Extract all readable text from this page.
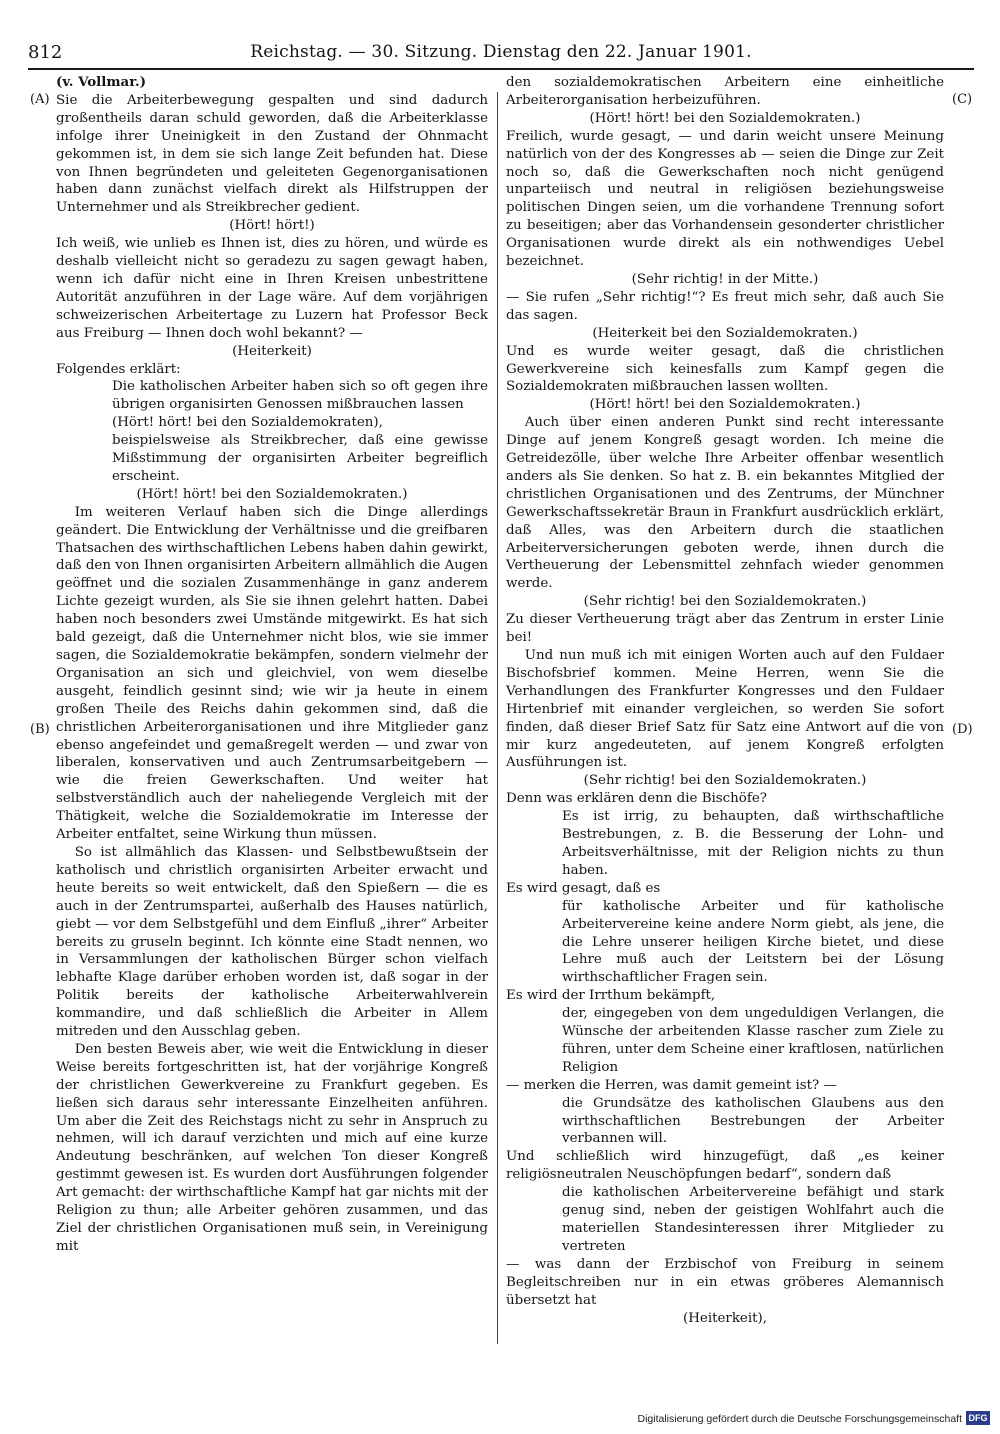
812	Reichstag. — 30. Sitzung. Dienstag den 22. Januar 1901.
(A)
(B)
(C)
(D)
(v. Vollmar.)
Sie die Arbeiterbewegung gespalten und sind dadurch großentheils daran schuld geworden, daß die Arbeiterklasse infolge ihrer Uneinigkeit in den Zustand der Ohnmacht gekommen ist, in dem sie sich lange Zeit befunden hat. Diese von Ihnen begründeten und geleiteten Gegenorganisationen haben dann zunächst vielfach direkt als Hilfstruppen der Unternehmer und als Streikbrecher gedient.
(Hört! hört!)
Ich weiß, wie unlieb es Ihnen ist, dies zu hören, und würde es deshalb vielleicht nicht so geradezu zu sagen gewagt haben, wenn ich dafür nicht eine in Ihren Kreisen unbestrittene Autorität anzuführen in der Lage wäre. Auf dem vorjährigen schweizerischen Arbeitertage zu Luzern hat Professor Beck aus Freiburg — Ihnen doch wohl bekannt? —
(Heiterkeit)
Folgendes erklärt:
Die katholischen Arbeiter haben sich so oft gegen ihre übrigen organisirten Genossen mißbrauchen lassen
(Hört! hört! bei den Sozialdemokraten),
beispielsweise als Streikbrecher, daß eine gewisse Mißstimmung der organisirten Arbeiter begreiflich erscheint.
(Hört! hört! bei den Sozialdemokraten.)
Im weiteren Verlauf haben sich die Dinge allerdings geändert. Die Entwicklung der Verhältnisse und die greifbaren Thatsachen des wirthschaftlichen Lebens haben dahin gewirkt, daß den von Ihnen organisirten Arbeitern allmählich die Augen geöffnet und die sozialen Zusammenhänge in ganz anderem Lichte gezeigt wurden, als Sie sie ihnen gelehrt hatten. Dabei haben noch besonders zwei Umstände mitgewirkt. Es hat sich bald gezeigt, daß die Unternehmer nicht blos, wie sie immer sagen, die Sozialdemokratie bekämpfen, sondern vielmehr der Organisation an sich und gleichviel, von wem dieselbe ausgeht, feindlich gesinnt sind; wie wir ja heute in einem großen Theile des Reichs dahin gekommen sind, daß die christlichen Arbeiterorganisationen und ihre Mitglieder ganz ebenso angefeindet und gemaßregelt werden — und zwar von liberalen, konservativen und auch Zentrumsarbeitgebern — wie die freien Gewerkschaften. Und weiter hat selbstverständlich auch der naheliegende Vergleich mit der Thätigkeit, welche die Sozialdemokratie im Interesse der Arbeiter entfaltet, seine Wirkung thun müssen.
So ist allmählich das Klassen- und Selbstbewußtsein der katholisch und christlich organisirten Arbeiter erwacht und heute bereits so weit entwickelt, daß den Spießern — die es auch in der Zentrumspartei, außerhalb des Hauses natürlich, giebt — vor dem Selbstgefühl und dem Einfluß „ihrer“ Arbeiter bereits zu gruseln beginnt. Ich könnte eine Stadt nennen, wo in Versammlungen der katholischen Bürger schon vielfach lebhafte Klage darüber erhoben worden ist, daß sogar in der Politik bereits der katholische Arbeiterwahlverein kommandire, und daß schließlich die Arbeiter in Allem mitreden und den Ausschlag geben.
Den besten Beweis aber, wie weit die Entwicklung in dieser Weise bereits fortgeschritten ist, hat der vorjährige Kongreß der christlichen Gewerkvereine zu Frankfurt gegeben. Es ließen sich daraus sehr interessante Einzelheiten anführen. Um aber die Zeit des Reichstags nicht zu sehr in Anspruch zu nehmen, will ich darauf verzichten und mich auf eine kurze Andeutung beschränken, auf welchen Ton dieser Kongreß gestimmt gewesen ist. Es wurden dort Ausführungen folgender Art gemacht: der wirthschaftliche Kampf hat gar nichts mit der Religion zu thun; alle Arbeiter gehören zusammen, und das Ziel der christlichen Organisationen muß sein, in Vereinigung mit
den sozialdemokratischen Arbeitern eine einheitliche Arbeiterorganisation herbeizuführen.
(Hört! hört! bei den Sozialdemokraten.)
Freilich, wurde gesagt, — und darin weicht unsere Meinung natürlich von der des Kongresses ab — seien die Dinge zur Zeit noch so, daß die Gewerkschaften noch nicht genügend unparteiisch und neutral in religiösen beziehungsweise politischen Dingen seien, um die vorhandene Trennung sofort zu beseitigen; aber das Vorhandensein gesonderter christlicher Organisationen wurde direkt als ein nothwendiges Uebel bezeichnet.
(Sehr richtig! in der Mitte.)
— Sie rufen „Sehr richtig!“? Es freut mich sehr, daß auch Sie das sagen.
(Heiterkeit bei den Sozialdemokraten.)
Und es wurde weiter gesagt, daß die christlichen Gewerkvereine sich keinesfalls zum Kampf gegen die Sozialdemokraten mißbrauchen lassen wollten.
(Hört! hört! bei den Sozialdemokraten.)
Auch über einen anderen Punkt sind recht interessante Dinge auf jenem Kongreß gesagt worden. Ich meine die Getreidezölle, über welche Ihre Arbeiter offenbar wesentlich anders als Sie denken. So hat z. B. ein bekanntes Mitglied der christlichen Organisationen und des Zentrums, der Münchner Gewerkschaftssekretär Braun in Frankfurt ausdrücklich erklärt, daß Alles, was den Arbeitern durch die staatlichen Arbeiterversicherungen geboten werde, ihnen durch die Vertheuerung der Lebensmittel zehnfach wieder genommen werde.
(Sehr richtig! bei den Sozialdemokraten.)
Zu dieser Vertheuerung trägt aber das Zentrum in erster Linie bei!
Und nun muß ich mit einigen Worten auch auf den Fuldaer Bischofsbrief kommen. Meine Herren, wenn Sie die Verhandlungen des Frankfurter Kongresses und den Fuldaer Hirtenbrief mit einander vergleichen, so werden Sie sofort finden, daß dieser Brief Satz für Satz eine Antwort auf die von mir kurz angedeuteten, auf jenem Kongreß erfolgten Ausführungen ist.
(Sehr richtig! bei den Sozialdemokraten.)
Denn was erklären denn die Bischöfe?
Es ist irrig, zu behaupten, daß wirthschaftliche Bestrebungen, z. B. die Besserung der Lohn- und Arbeitsverhältnisse, mit der Religion nichts zu thun haben.
Es wird gesagt, daß es
für katholische Arbeiter und für katholische Arbeitervereine keine andere Norm giebt, als jene, die die Lehre unserer heiligen Kirche bietet, und diese Lehre muß auch der Leitstern bei der Lösung wirthschaftlicher Fragen sein.
Es wird der Irrthum bekämpft,
der, eingegeben von dem ungeduldigen Verlangen, die Wünsche der arbeitenden Klasse rascher zum Ziele zu führen, unter dem Scheine einer kraftlosen, natürlichen Religion
— merken die Herren, was damit gemeint ist? —
die Grundsätze des katholischen Glaubens aus den wirthschaftlichen Bestrebungen der Arbeiter verbannen will.
Und schließlich wird hinzugefügt, daß „es keiner religiösneutralen Neuschöpfungen bedarf“, sondern daß
die katholischen Arbeitervereine befähigt und stark genug sind, neben der geistigen Wohlfahrt auch die materiellen Standesinteressen ihrer Mitglieder zu vertreten
— was dann der Erzbischof von Freiburg in seinem Begleitschreiben nur in ein etwas gröberes Alemannisch übersetzt hat
(Heiterkeit),
Digitalisierung gefördert durch die Deutsche Forschungsgemeinschaft DFG
